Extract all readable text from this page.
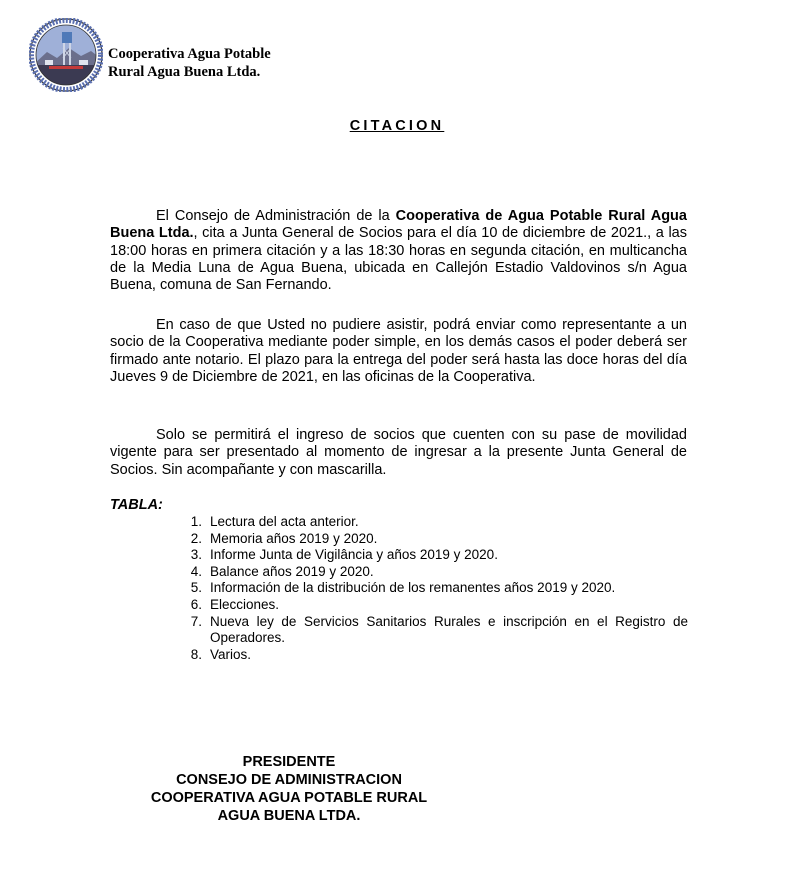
Cooperativa Agua Potable
Rural Agua Buena Ltda.
CITACION

El Consejo de Administración de la Cooperativa de Agua Potable Rural Agua Buena Ltda., cita a Junta General de Socios para el día 10 de diciembre de 2021., a las 18:00 horas en primera citación y a las 18:30 horas en segunda citación, en multicancha de la Media Luna de Agua Buena, ubicada en Callejón Estadio Valdovinos s/n Agua Buena, comuna de San Fernando.

En caso de que Usted no pudiere asistir, podrá enviar como representante a un socio de la Cooperativa mediante poder simple, en los demás casos el poder deberá ser firmado ante notario. El plazo para la entrega del poder será hasta las doce horas del día Jueves 9 de Diciembre de 2021, en las oficinas de la Cooperativa.

Solo se permitirá el ingreso de socios que cuenten con su pase de movilidad vigente para ser presentado al momento de ingresar a la presente Junta General de Socios. Sin acompañante y con mascarilla.

TABLA:
1. Lectura del acta anterior.
2. Memoria años 2019 y 2020.
3. Informe Junta de Vigilância y años 2019 y 2020.
4. Balance años 2019 y 2020.
5. Información de la distribución de los remanentes años 2019 y 2020.
6. Elecciones.
7. Nueva ley de Servicios Sanitarios Rurales e inscripción en el Registro de Operadores.
8. Varios.
PRESIDENTE
CONSEJO DE ADMINISTRACION
COOPERATIVA AGUA POTABLE RURAL
AGUA BUENA LTDA.
